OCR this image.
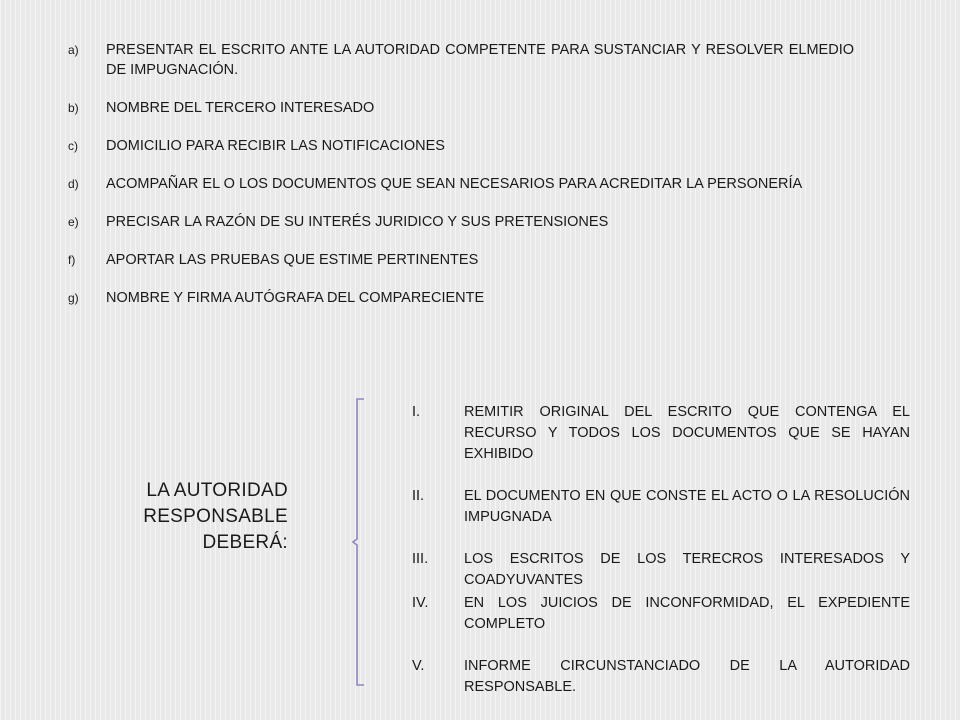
a) PRESENTAR EL ESCRITO ANTE LA AUTORIDAD COMPETENTE PARA SUSTANCIAR Y RESOLVER ELMEDIO DE IMPUGNACIÓN.
b) NOMBRE DEL TERCERO INTERESADO
c) DOMICILIO PARA RECIBIR LAS NOTIFICACIONES
d) ACOMPAÑAR EL O LOS DOCUMENTOS QUE SEAN NECESARIOS PARA ACREDITAR LA PERSONERÍA
e) PRECISAR LA RAZÓN DE SU INTERÉS JURIDICO Y SUS PRETENSIONES
f) APORTAR LAS PRUEBAS QUE ESTIME PERTINENTES
g) NOMBRE Y FIRMA AUTÓGRAFA DEL COMPARECIENTE
LA AUTORIDAD
RESPONSABLE
DEBERÁ:
I.	REMITIR ORIGINAL DEL ESCRITO QUE CONTENGA EL RECURSO Y TODOS LOS DOCUMENTOS QUE SE HAYAN EXHIBIDO
II.	EL DOCUMENTO EN QUE CONSTE EL ACTO O LA RESOLUCIÓN IMPUGNADA
III.	LOS ESCRITOS DE LOS TERECROS INTERESADOS Y COADYUVANTES
IV.	EN LOS JUICIOS DE INCONFORMIDAD, EL EXPEDIENTE COMPLETO
V.	INFORME CIRCUNSTANCIADO DE LA AUTORIDAD RESPONSABLE.
